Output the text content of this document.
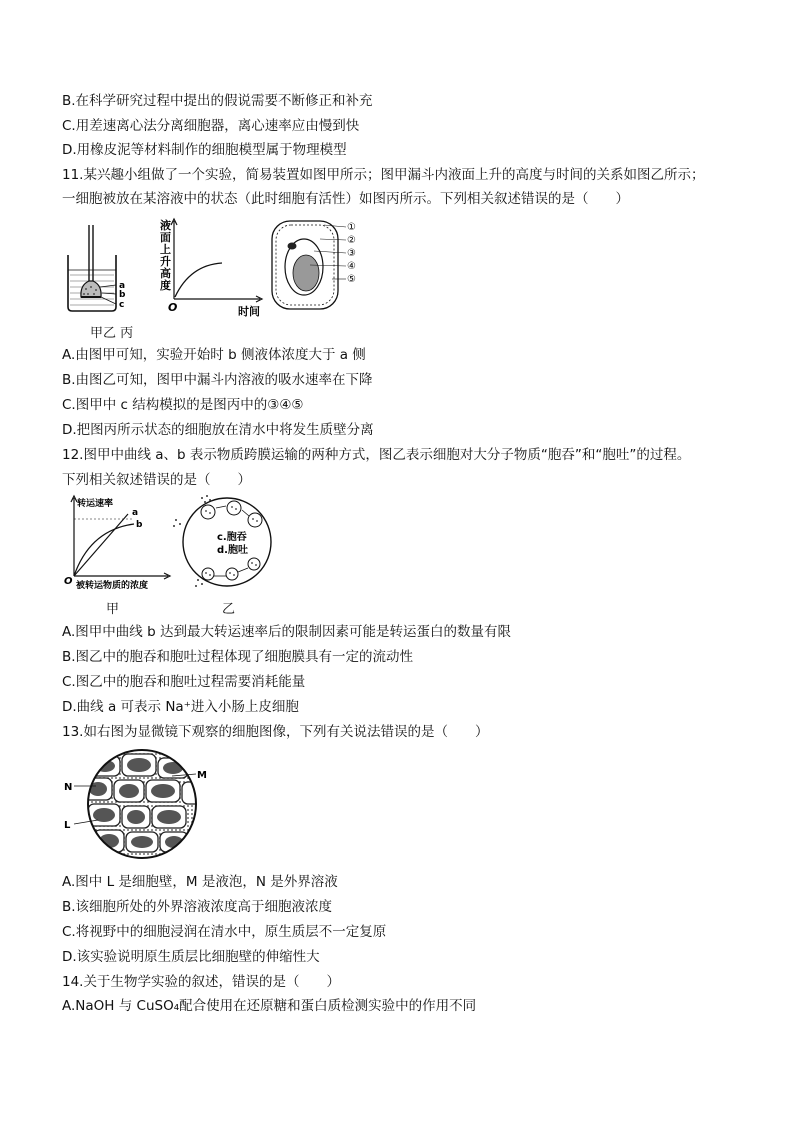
B.在科学研究过程中提出的假说需要不断修正和补充
C.用差速离心法分离细胞器，离心速率应由慢到快
D.用橡皮泥等材料制作的细胞模型属于物理模型
11.某兴趣小组做了一个实验，简易装置如图甲所示；图甲漏斗内液面上升的高度与时间的关系如图乙所示；
一细胞被放在某溶液中的状态（此时细胞有活性）如图丙所示。下列相关叙述错误的是（　　）
a
b
c
液面上升高度
O	时间
①
②
③
④
⑤
甲乙 丙
A.由图甲可知，实验开始时 b 侧液体浓度大于 a 侧
B.由图乙可知，图甲中漏斗内溶液的吸水速率在下降
C.图甲中 c 结构模拟的是图丙中的③④⑤
D.把图丙所示状态的细胞放在清水中将发生质壁分离
12.图甲中曲线 a、b 表示物质跨膜运输的两种方式，图乙表示细胞对大分子物质“胞吞”和“胞吐”的过程。
下列相关叙述错误的是（　　）
转运速率
a
b
O 被转运物质的浓度
c.胞吞
d.胞吐
甲	乙
A.图甲中曲线 b 达到最大转运速率后的限制因素可能是转运蛋白的数量有限
B.图乙中的胞吞和胞吐过程体现了细胞膜具有一定的流动性
C.图乙中的胞吞和胞吐过程需要消耗能量
D.曲线 a 可表示 Na⁺进入小肠上皮细胞
13.如右图为显微镜下观察的细胞图像，下列有关说法错误的是（　　）
N
M
L
A.图中 L 是细胞壁，M 是液泡，N 是外界溶液
B.该细胞所处的外界溶液浓度高于细胞液浓度
C.将视野中的细胞浸润在清水中，原生质层不一定复原
D.该实验说明原生质层比细胞壁的伸缩性大
14.关于生物学实验的叙述，错误的是（　　）
A.NaOH 与 CuSO₄配合使用在还原糖和蛋白质检测实验中的作用不同
